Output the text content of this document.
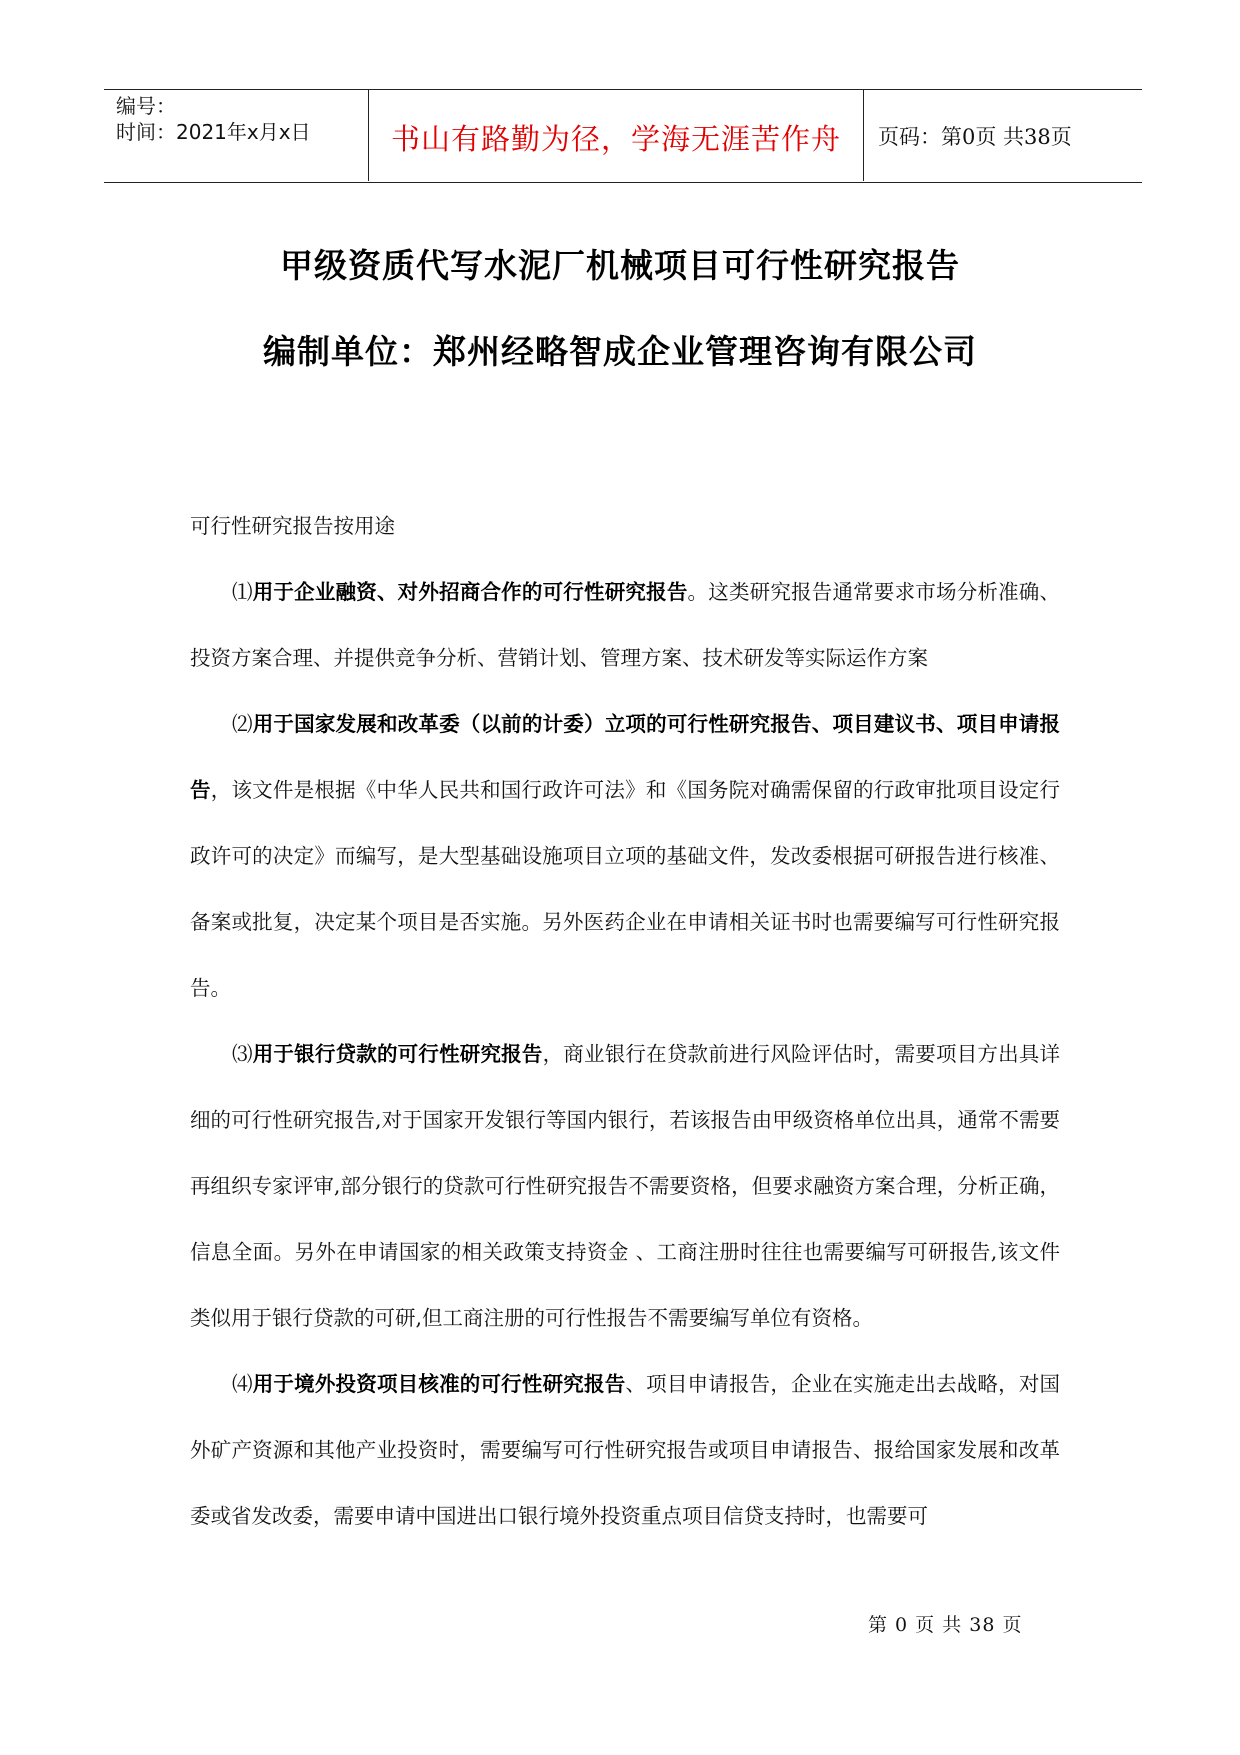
编号：
时间：2021年x月x日	书山有路勤为径，学海无涯苦作舟 页码：第0页 共38页
甲级资质代写水泥厂机械项目可行性研究报告
编制单位：郑州经略智成企业管理咨询有限公司

可行性研究报告按用途

⑴用于企业融资、对外招商合作的可行性研究报告。这类研究报告通常要求市场分析准确、投资方案合理、并提供竞争分析、营销计划、管理方案、技术研发等实际运作方案

⑵用于国家发展和改革委（以前的计委）立项的可行性研究报告、项目建议书、项目申请报告，该文件是根据《中华人民共和国行政许可法》和《国务院对确需保留的行政审批项目设定行政许可的决定》而编写，是大型基础设施项目立项的基础文件，发改委根据可研报告进行核准、备案或批复，决定某个项目是否实施。另外医药企业在申请相关证书时也需要编写可行性研究报告。

⑶用于银行贷款的可行性研究报告，商业银行在贷款前进行风险评估时，需要项目方出具详细的可行性研究报告,对于国家开发银行等国内银行，若该报告由甲级资格单位出具，通常不需要再组织专家评审,部分银行的贷款可行性研究报告不需要资格，但要求融资方案合理，分析正确，信息全面。另外在申请国家的相关政策支持资金 、工商注册时往往也需要编写可研报告,该文件类似用于银行贷款的可研,但工商注册的可行性报告不需要编写单位有资格。

⑷用于境外投资项目核准的可行性研究报告、项目申请报告，企业在实施走出去战略，对国外矿产资源和其他产业投资时，需要编写可行性研究报告或项目申请报告、报给国家发展和改革委或省发改委，需要申请中国进出口银行境外投资重点项目信贷支持时，也需要可

第 0 页 共 38 页
